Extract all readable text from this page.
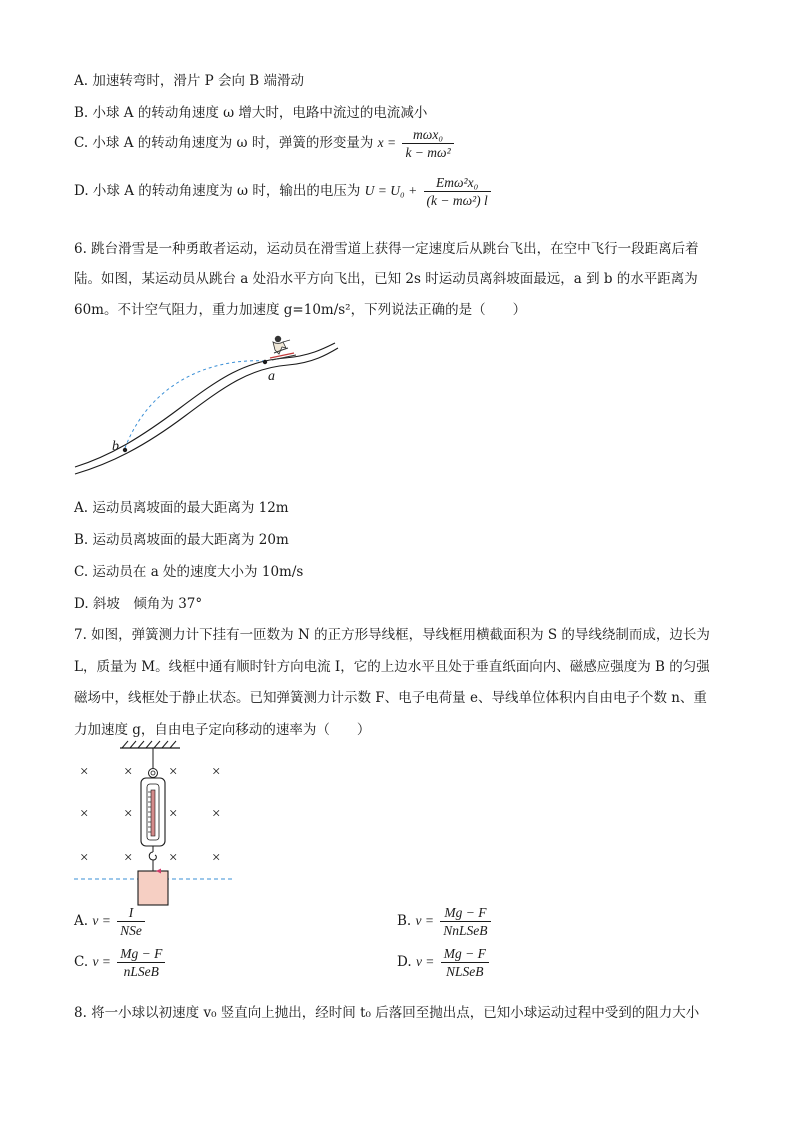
A. 加速转弯时，滑片 P 会向 B 端滑动
B. 小球 A 的转动角速度 ω 增大时，电路中流过的电流减小
C. 小球 A 的转动角速度为 ω 时，弹簧的形变量为 $x = \frac{\text{mωx₀}}{\text{k − mω²}}$
D. 小球 A 的转动角速度为 ω 时，输出的电压为 $U = U_0 + \frac{\text{Emω²x₀}}{\text{(k − mω²) l}}$
6. 跳台滑雪是一种勇敢者运动，运动员在滑雪道上获得一定速度后从跳台飞出，在空中飞行一段距离后着
陆。如图，某运动员从跳台 a 处沿水平方向飞出，已知 2s 时运动员离斜坡面最远，a 到 b 的水平距离为
60m。不计空气阻力，重力加速度 g=10m/s²，下列说法正确的是（　　）
a
b
A. 运动员离坡面的最大距离为 12m
B. 运动员离坡面的最大距离为 20m
C. 运动员在 a 处的速度大小为 10m/s
D. 斜坡　倾角为 37°
7. 如图，弹簧测力计下挂有一匝数为 N 的正方形导线框，导线框用横截面积为 S 的导线绕制而成，边长为
L，质量为 M。线框中通有顺时针方向电流 I，它的上边水平且处于垂直纸面向内、磁感应强度为 B 的匀强
磁场中，线框处于静止状态。已知弹簧测力计示数 F、电子电荷量 e、导线单位体积内自由电子个数 n、重
力加速度 g，自由电子定向移动的速率为（　　）
× × × ×
× × × ×
× × × ×
A. $v = \frac{I}{\text{NSe}}$	B. $v = \frac{Mg - F}{\text{NnLSeB}}$
C. $v = \frac{Mg - F}{\text{nLSeB}}$	D. $v = \frac{Mg - F}{\text{NLSeB}}$
8. 将一小球以初速度 v₀ 竖直向上抛出，经时间 t₀ 后落回至抛出点，已知小球运动过程中受到的阻力大小
